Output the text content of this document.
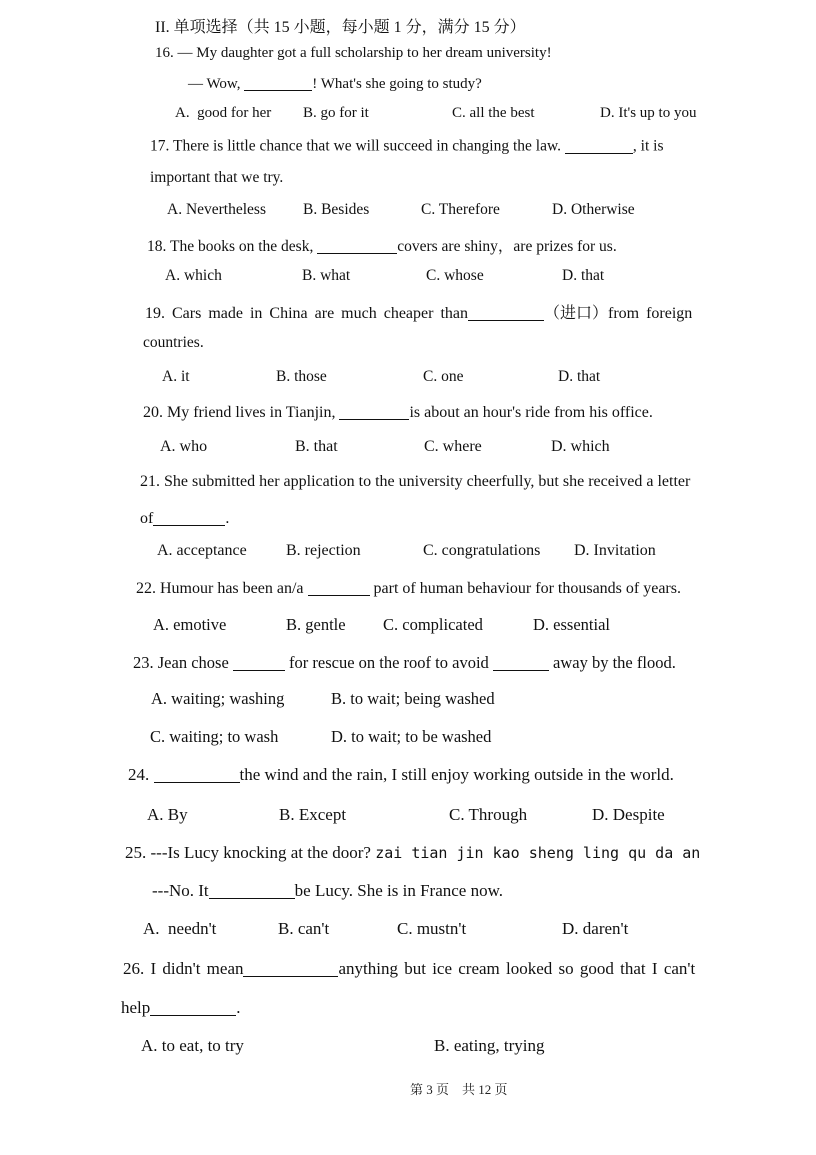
II. 单项选择（共 15 小题，每小题 1 分，满分 15 分）
16. — My daughter got a full scholarship to her dream university!
— Wow,	! What's she going to study?
A.  good for her B. go for it	C. all the best	D. It's up to you
17. There is little chance that we will succeed in changing the law.	, it is
important that we try.
A. Nevertheless B. Besides	C. Therefore	D. Otherwise
18. The books on the desk,	covers are shiny，are prizes for us.
A. which	B. what	C. whose	D. that
19. Cars made in China are much cheaper than	（进口）from foreign
countries.
A. it	B. those	C. one	D. that
20. My friend lives in Tianjin,	is about an hour's ride from his office.
A. who	B. that	C. where	D. which
21. She submitted her application to the university cheerfully, but she received a letter
of	.
A. acceptance B. rejection	C. congratulations D. Invitation
22. Humour has been an/a	part of human behaviour for thousands of years.
A. emotive	B. gentle C. complicated	D. essential
23. Jean chose	for rescue on the roof to avoid	away by the flood.
A. waiting; washing	B. to wait; being washed
C. waiting; to wash	D. to wait; to be washed
24.	the wind and the rain, I still enjoy working outside in the world.
A. By	B. Except	C. Through	D. Despite
25. ---Is Lucy knocking at the door? zai tian jin kao sheng ling qu da an
---No. It	be Lucy. She is in France now.
A.  needn't	B. can't	C. mustn't	D. daren't
26. I didn't mean	anything but ice cream looked so good that I can't
help	.
A. to eat, to try	B. eating, trying
第 3 页    共 12 页
